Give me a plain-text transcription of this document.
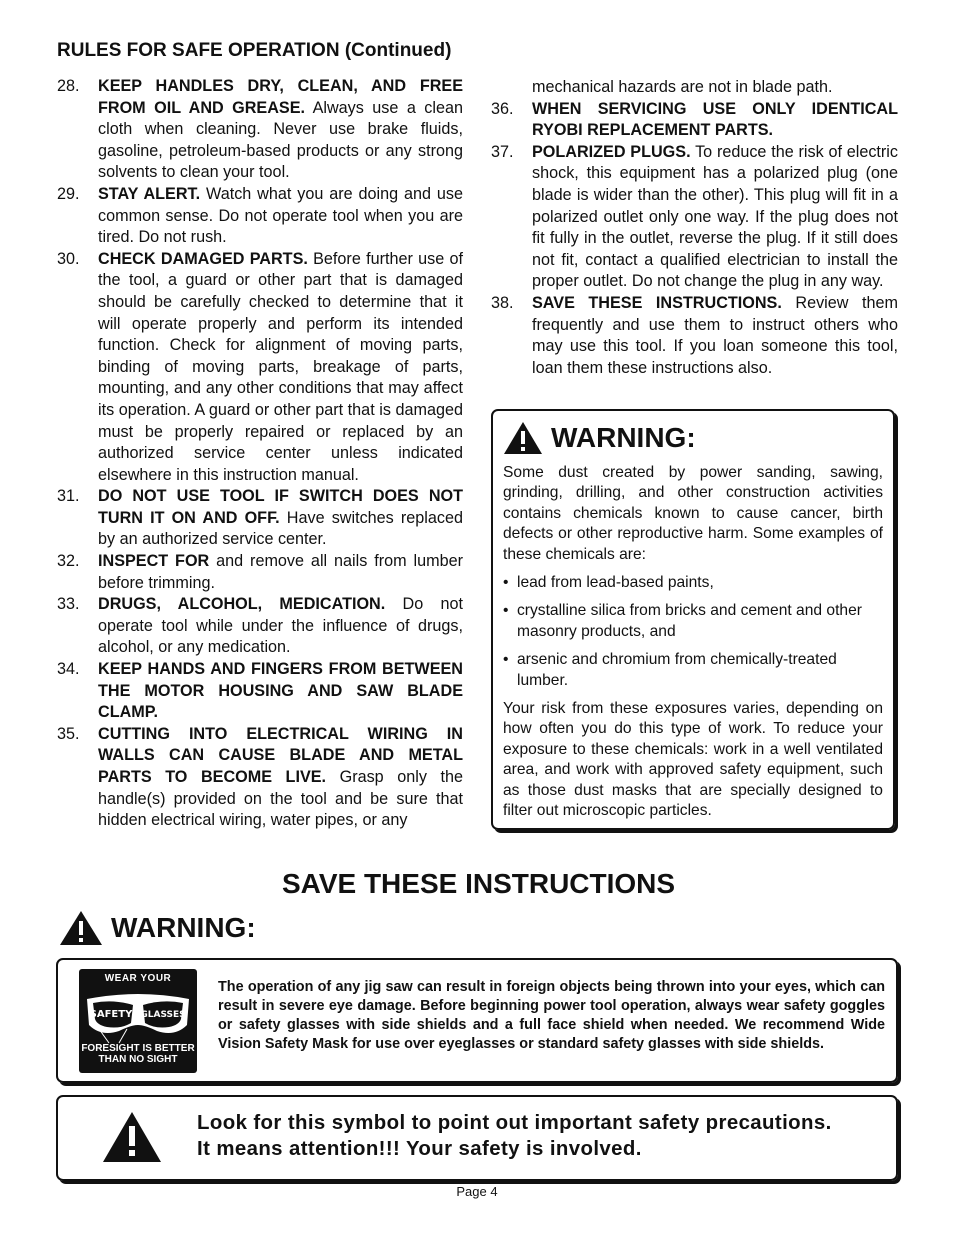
RULES FOR SAFE OPERATION (Continued)
28. KEEP HANDLES DRY, CLEAN, AND FREE FROM OIL AND GREASE. Always use a clean cloth when cleaning. Never use brake fluids, gasoline, petroleum-based products or any strong solvents to clean your tool.
29. STAY ALERT. Watch what you are doing and use common sense. Do not operate tool when you are tired. Do not rush.
30. CHECK DAMAGED PARTS. Before further use of the tool, a guard or other part that is damaged should be carefully checked to determine that it will operate properly and perform its intended function. Check for alignment of moving parts, binding of moving parts, breakage of parts, mounting, and any other conditions that may affect its operation. A guard or other part that is damaged must be properly repaired or replaced by an authorized service center unless indicated elsewhere in this instruction manual.
31. DO NOT USE TOOL IF SWITCH DOES NOT TURN IT ON AND OFF. Have switches replaced by an authorized service center.
32. INSPECT FOR and remove all nails from lumber before trimming.
33. DRUGS, ALCOHOL, MEDICATION. Do not operate tool while under the influence of drugs, alcohol, or any medication.
34. KEEP HANDS AND FINGERS FROM BETWEEN THE MOTOR HOUSING AND SAW BLADE CLAMP.
35. CUTTING INTO ELECTRICAL WIRING IN WALLS CAN CAUSE BLADE AND METAL PARTS TO BECOME LIVE. Grasp only the handle(s) provided on the tool and be sure that hidden electrical wiring, water pipes, or any
mechanical hazards are not in blade path.
36. WHEN SERVICING USE ONLY IDENTICAL RYOBI REPLACEMENT PARTS.
37. POLARIZED PLUGS. To reduce the risk of electric shock, this equipment has a polarized plug (one blade is wider than the other). This plug will fit in a polarized outlet only one way. If the plug does not fit fully in the outlet, reverse the plug. If it still does not fit, contact a qualified electrician to install the proper outlet. Do not change the plug in any way.
38. SAVE THESE INSTRUCTIONS. Review them frequently and use them to instruct others who may use this tool. If you loan someone this tool, loan them these instructions also.
WARNING:

Some dust created by power sanding, sawing, grinding, drilling, and other construction activities contains chemicals known to cause cancer, birth defects or other reproductive harm. Some examples of these chemicals are:

• lead from lead-based paints,
• crystalline silica from bricks and cement and other masonry products, and
• arsenic and chromium from chemically-treated lumber.

Your risk from these exposures varies, depending on how often you do this type of work. To reduce your exposure to these chemicals: work in a well ventilated area, and work with approved safety equipment, such as those dust masks that are specially designed to filter out microscopic particles.

SAVE THESE INSTRUCTIONS
WARNING:
WEAR YOUR
SAFETY GLASSES
FORESIGHT IS BETTER
THAN NO SIGHT
The operation of any jig saw can result in foreign objects being thrown into your eyes, which can result in severe eye damage. Before beginning power tool operation, always wear safety goggles or safety glasses with side shields and a full face shield when needed. We recommend Wide Vision Safety Mask for use over eyeglasses or standard safety glasses with side shields.
Look for this symbol to point out important safety precautions.
It means attention!!! Your safety is involved.
Page 4
